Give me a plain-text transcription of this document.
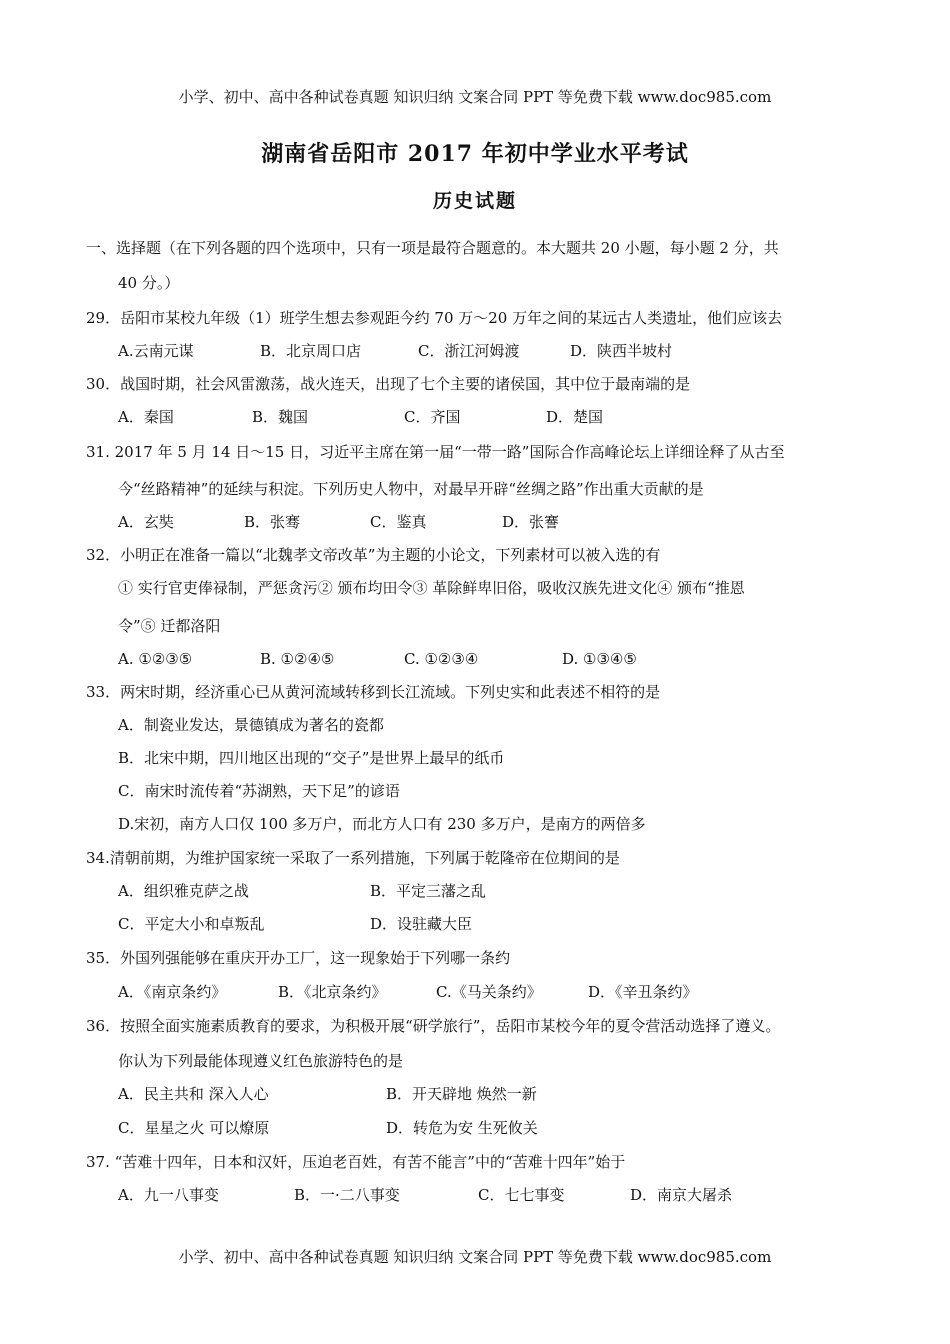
小学、初中、高中各种试卷真题 知识归纳 文案合同 PPT 等免费下载 www.doc985.com
湖南省岳阳市 2017 年初中学业水平考试
历史试题
一、选择题（在下列各题的四个选项中，只有一项是最符合题意的。本大题共 20 小题，每小题 2 分，共
40 分。）
29．岳阳市某校九年级（1）班学生想去参观距今约 70 万～20 万年之间的某远古人类遗址，他们应该去
A.云南元谋	B．北京周口店	C．浙江河姆渡	D．陕西半坡村
30．战国时期，社会风雷激荡，战火连天，出现了七个主要的诸侯国，其中位于最南端的是
A．秦国	B．魏国	C．齐国	D．楚国
31. 2017 年 5 月 14 日～15 日，习近平主席在第一届“一带一路”国际合作高峰论坛上详细诠释了从古至
今“丝路精神”的延续与积淀。下列历史人物中，对最早开辟“丝绸之路”作出重大贡献的是
A．玄奘	B．张骞	C．鉴真	D．张謇
32．小明正在准备一篇以“北魏孝文帝改革”为主题的小论文，下列素材可以被入选的有
① 实行官吏俸禄制，严惩贪污② 颁布均田令③ 革除鲜卑旧俗，吸收汉族先进文化④ 颁布“推恩
令”⑤ 迁都洛阳
A. ①②③⑤	B. ①②④⑤	C. ①②③④	D. ①③④⑤
33．两宋时期，经济重心已从黄河流域转移到长江流域。下列史实和此表述不相符的是
A．制瓷业发达，景德镇成为著名的瓷都
B．北宋中期，四川地区出现的“交子”是世界上最早的纸币
C．南宋时流传着“苏湖熟，天下足”的谚语
D.宋初，南方人口仅 100 多万户，而北方人口有 230 多万户，是南方的两倍多
34.清朝前期，为维护国家统一采取了一系列措施，下列属于乾隆帝在位期间的是
A．组织雅克萨之战	B．平定三藩之乱
C．平定大小和卓叛乱	D．设驻藏大臣
35．外国列强能够在重庆开办工厂，这一现象始于下列哪一条约
A．《南京条约》	B．《北京条约》	C.《马关条约》	D．《辛丑条约》
36．按照全面实施素质教育的要求，为积极开展“研学旅行”，岳阳市某校今年的夏令营活动选择了遵义。
你认为下列最能体现遵义红色旅游特色的是
A．民主共和 深入人心	B．开天辟地 焕然一新
C．星星之火 可以燎原	D．转危为安 生死攸关
37. “苦难十四年，日本和汉奸，压迫老百姓，有苦不能言”中的“苦难十四年”始于
A．九一八事变	B．一·二八事变	C．七七事变	D．南京大屠杀
小学、初中、高中各种试卷真题 知识归纳 文案合同 PPT 等免费下载 www.doc985.com
